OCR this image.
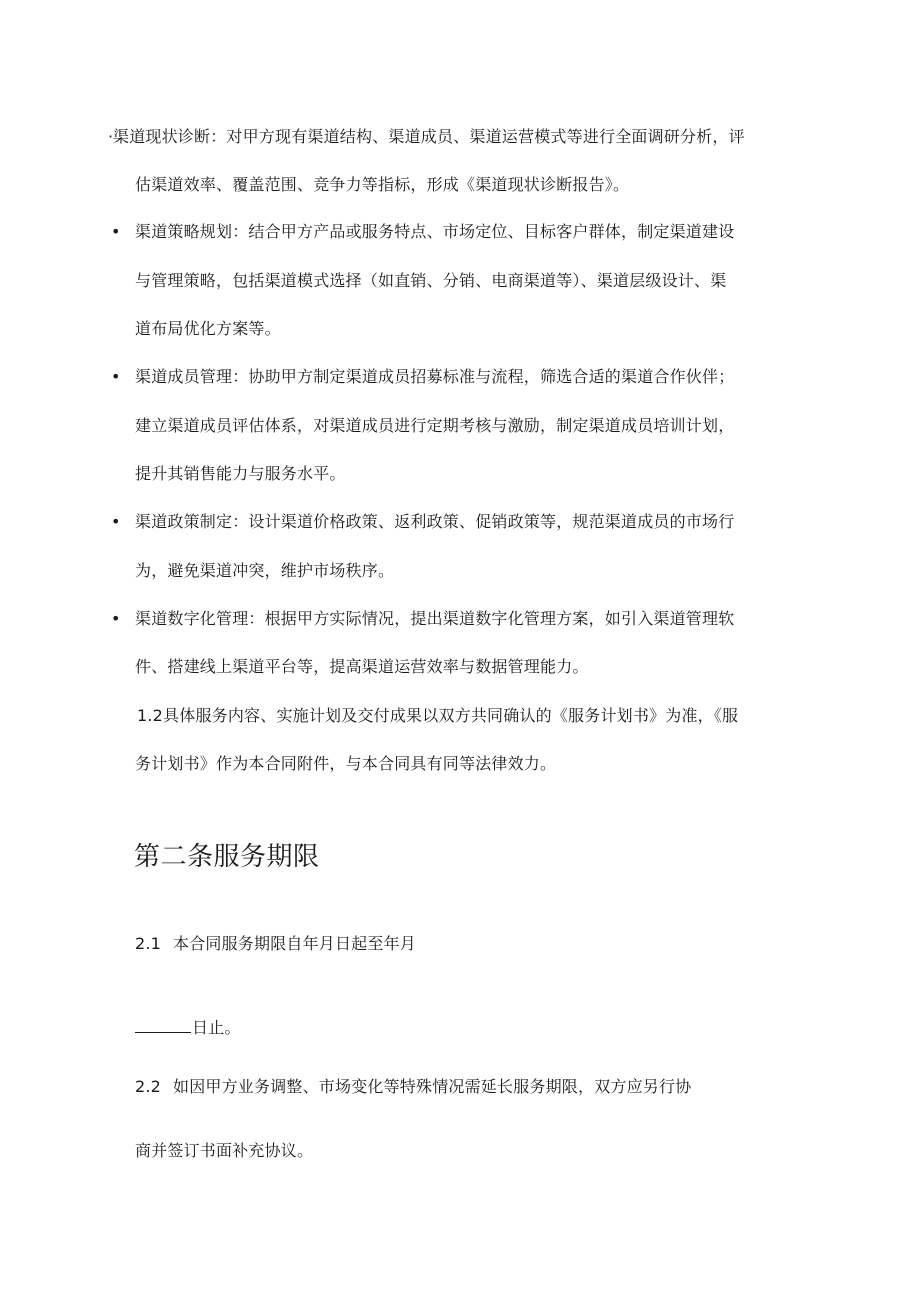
· 渠道现状诊断：对甲方现有渠道结构、渠道成员、渠道运营模式等进行全面调研分析，评
估渠道效率、覆盖范围、竞争力等指标，形成《渠道现状诊断报告》。
• 渠道策略规划：结合甲方产品或服务特点、市场定位、目标客户群体，制定渠道建设
与管理策略，包括渠道模式选择（如直销、分销、电商渠道等）、渠道层级设计、渠
道布局优化方案等。
• 渠道成员管理：协助甲方制定渠道成员招募标准与流程，筛选合适的渠道合作伙伴；
建立渠道成员评估体系，对渠道成员进行定期考核与激励，制定渠道成员培训计划，
提升其销售能力与服务水平。
• 渠道政策制定：设计渠道价格政策、返利政策、促销政策等，规范渠道成员的市场行
为，避免渠道冲突，维护市场秩序。
• 渠道数字化管理：根据甲方实际情况，提出渠道数字化管理方案，如引入渠道管理软
件、搭建线上渠道平台等，提高渠道运营效率与数据管理能力。
1.2具体服务内容、实施计划及交付成果以双方共同确认的《服务计划书》为准，《服
务计划书》作为本合同附件，与本合同具有同等法律效力。
第二条服务期限
2.1 本合同服务期限自年月日起至年月
日止。
2.2 如因甲方业务调整、市场变化等特殊情况需延长服务期限，双方应另行协
商并签订书面补充协议。
